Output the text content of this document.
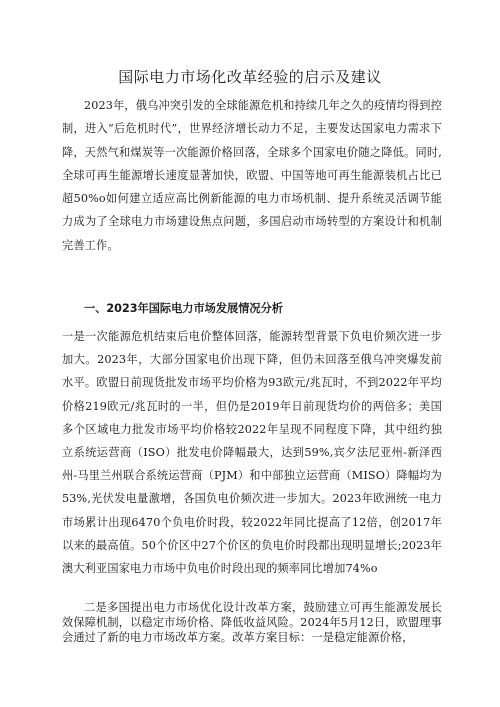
国际电力市场化改革经验的启示及建议

2023年，俄乌冲突引发的全球能源危机和持续几年之久的疫情均得到控制，进入“后危机时代”，世界经济增长动力不足，主要发达国家电力需求下降，天然气和煤炭等一次能源价格回落，全球多个国家电价随之降低。同时,全球可再生能源增长速度显著加快，欧盟、中国等地可再生能源装机占比已超50%o如何建立适应高比例新能源的电力市场机制、提升系统灵活调节能力成为了全球电力市场建设焦点问题，多国启动市场转型的方案设计和机制完善工作。

一、2023年国际电力市场发展情况分析

一是一次能源危机结束后电价整体回落，能源转型背景下负电价频次进一步加大。2023年，大部分国家电价出现下降，但仍未回落至俄乌冲突爆发前水平。欧盟日前现货批发市场平均价格为93欧元/兆瓦时，不到2022年平均价格219欧元/兆瓦时的一半，但仍是2019年日前现货均价的两倍多；美国多个区域电力批发市场平均价格较2022年呈现不同程度下降，其中纽约独立系统运营商（ISO）批发电价降幅最大，达到59%,宾夕法尼亚州-新泽西州-马里兰州联合系统运营商（PJM）和中部独立运营商（MISO）降幅均为53%,光伏发电量激增，各国负电价频次进一步加大。2023年欧洲统一电力市场累计出现6470个负电价时段，较2022年同比提高了12倍，创2017年以来的最高值。50个价区中27个价区的负电价时段都出现明显增长;2023年澳大利亚国家电力市场中负电价时段出现的频率同比增加74%o

二是多国提出电力市场优化设计改革方案，鼓励建立可再生能源发展长效保障机制，以稳定市场价格、降低收益风险。2024年5月12日，欧盟理事会通过了新的电力市场改革方案。改革方案目标：一是稳定能源价格，
